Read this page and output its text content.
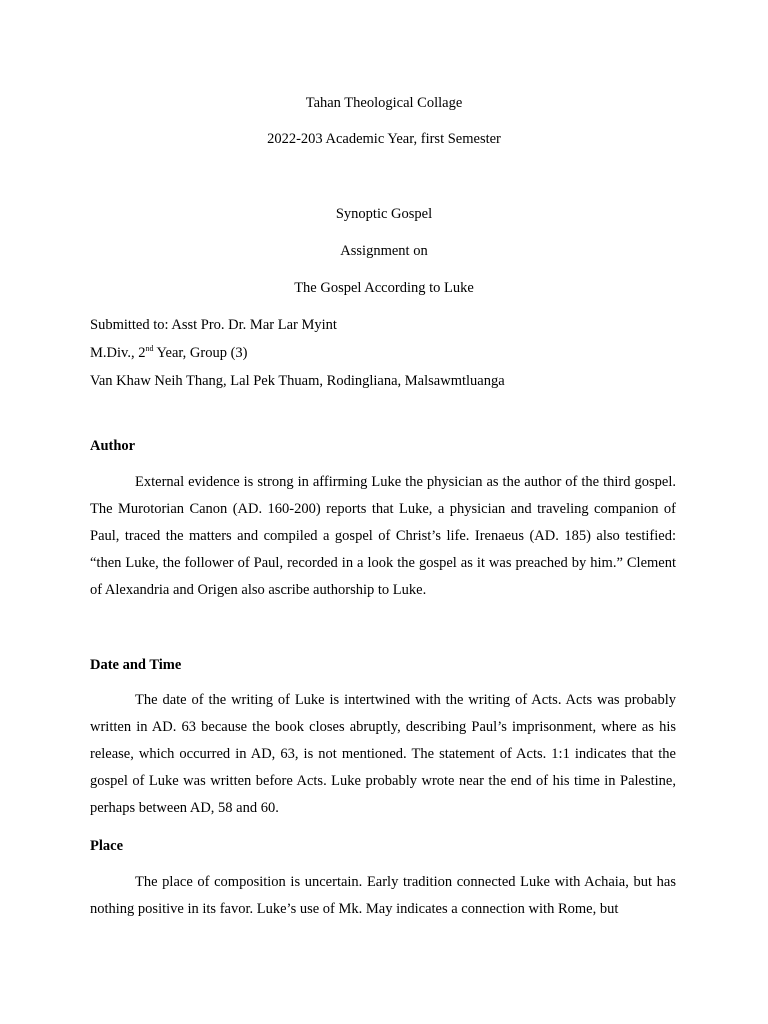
Tahan Theological Collage
2022-203 Academic Year, first Semester
Synoptic Gospel
Assignment on
The Gospel According to Luke
Submitted to: Asst Pro. Dr. Mar Lar Myint
M.Div., 2nd Year, Group (3)
Van Khaw Neih Thang, Lal Pek Thuam, Rodingliana, Malsawmtluanga
Author
External evidence is strong in affirming Luke the physician as the author of the third gospel. The Murotorian Canon (AD. 160-200) reports that Luke, a physician and traveling companion of Paul, traced the matters and compiled a gospel of Christ’s life. Irenaeus (AD. 185) also testified: “then Luke, the follower of Paul, recorded in a look the gospel as it was preached by him.” Clement of Alexandria and Origen also ascribe authorship to Luke.
Date and Time
The date of the writing of Luke is intertwined with the writing of Acts. Acts was probably written in AD. 63 because the book closes abruptly, describing Paul’s imprisonment, where as his release, which occurred in AD, 63, is not mentioned. The statement of Acts. 1:1 indicates that the gospel of Luke was written before Acts. Luke probably wrote near the end of his time in Palestine, perhaps between AD, 58 and 60.
Place
The place of composition is uncertain. Early tradition connected Luke with Achaia, but has nothing positive in its favor. Luke’s use of Mk. May indicates a connection with Rome, but
